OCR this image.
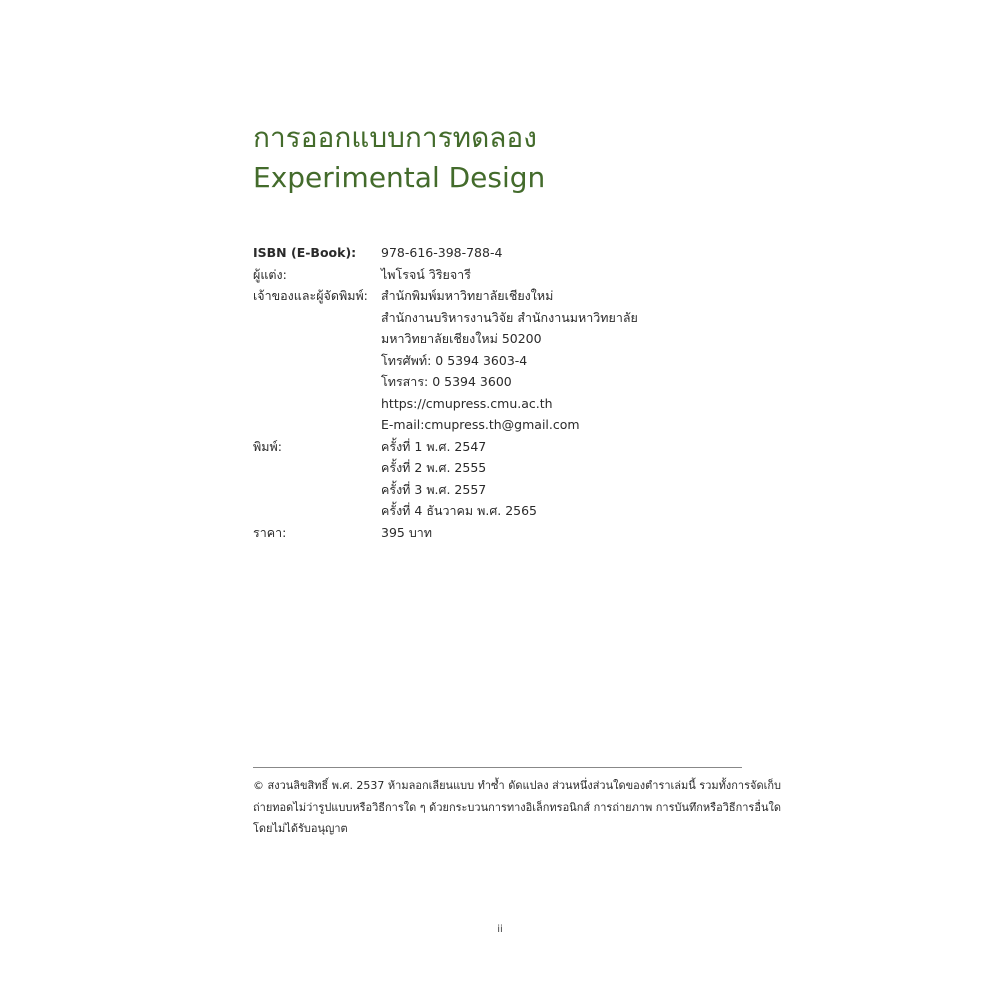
การออกแบบการทดลอง
Experimental Design
ISBN (E-Book): 978-616-398-788-4
ผู้แต่ง:	ไพโรจน์ วิริยจารี
เจ้าของและผู้จัดพิมพ์: สำนักพิมพ์มหาวิทยาลัยเชียงใหม่
สำนักงานบริหารงานวิจัย สำนักงานมหาวิทยาลัย
มหาวิทยาลัยเชียงใหม่ 50200
โทรศัพท์: 0 5394 3603-4
โทรสาร: 0 5394 3600
https://cmupress.cmu.ac.th
E-mail:cmupress.th@gmail.com
พิมพ์:	ครั้งที่ 1 พ.ศ. 2547
ครั้งที่ 2 พ.ศ. 2555
ครั้งที่ 3 พ.ศ. 2557
ครั้งที่ 4 ธันวาคม พ.ศ. 2565
ราคา:	395 บาท
© สงวนลิขสิทธิ์ พ.ศ. 2537 ห้ามลอกเลียนแบบ ทำซ้ำ ดัดแปลง ส่วนหนึ่งส่วนใดของตำราเล่มนี้ รวมทั้งการจัดเก็บ
ถ่ายทอดไม่ว่ารูปแบบหรือวิธีการใด ๆ ด้วยกระบวนการทางอิเล็กทรอนิกส์ การถ่ายภาพ การบันทึกหรือวิธีการอื่นใด
โดยไม่ได้รับอนุญาต
ii
